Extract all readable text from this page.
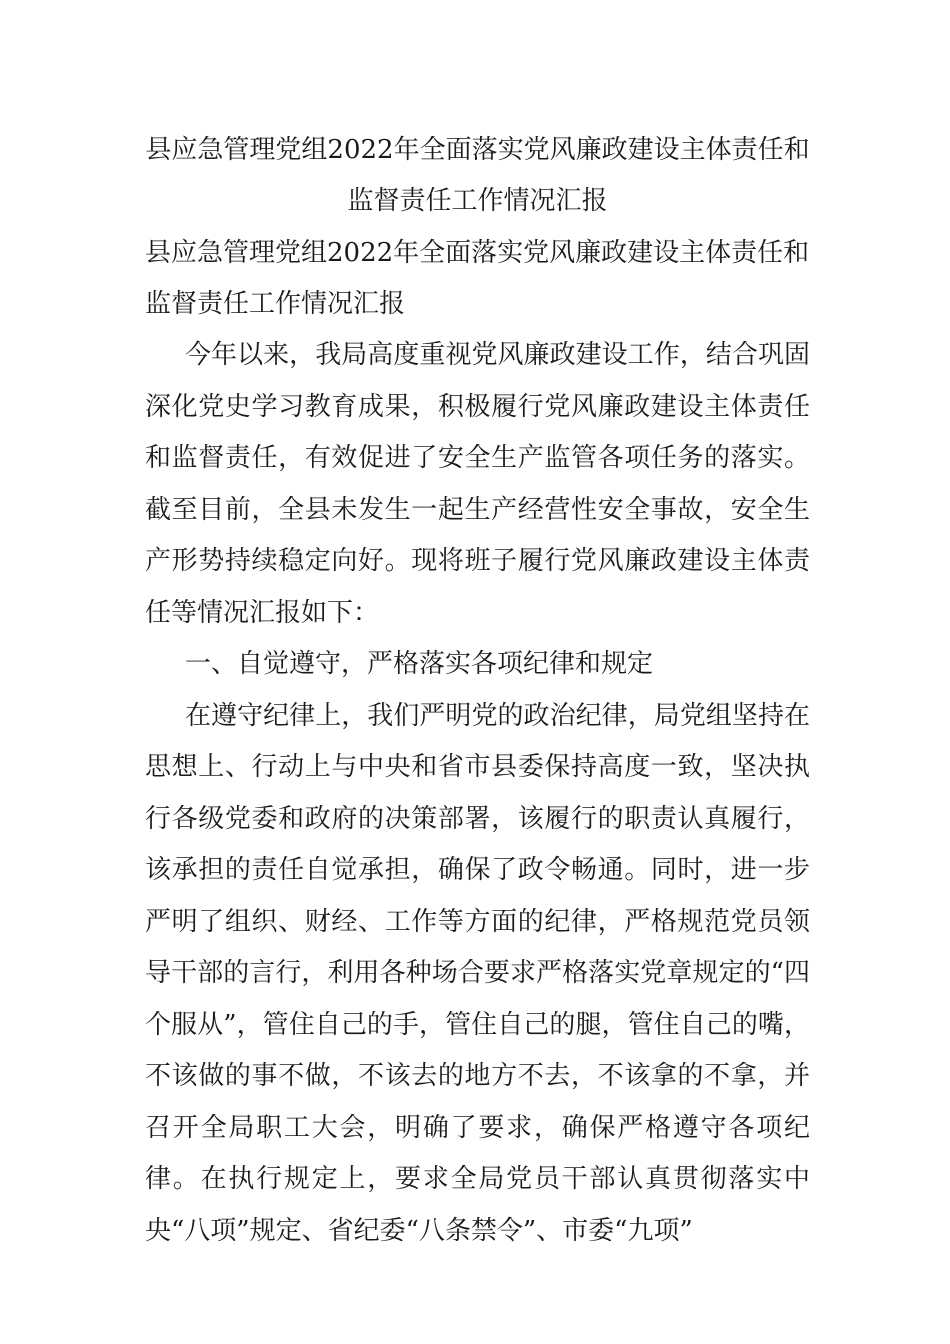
县应急管理党组2022年全面落实党风廉政建设主体责任和
监督责任工作情况汇报
县应急管理党组2022年全面落实党风廉政建设主体责任和
监督责任工作情况汇报

今年以来，我局高度重视党风廉政建设工作，结合巩固深化党史学习教育成果，积极履行党风廉政建设主体责任和监督责任，有效促进了安全生产监管各项任务的落实。截至目前，全县未发生一起生产经营性安全事故，安全生产形势持续稳定向好。现将班子履行党风廉政建设主体责任等情况汇报如下：

一、自觉遵守，严格落实各项纪律和规定

在遵守纪律上，我们严明党的政治纪律，局党组坚持在思想上、行动上与中央和省市县委保持高度一致，坚决执行各级党委和政府的决策部署，该履行的职责认真履行，该承担的责任自觉承担，确保了政令畅通。同时，进一步严明了组织、财经、工作等方面的纪律，严格规范党员领导干部的言行，利用各种场合要求严格落实党章规定的“四个服从”，管住自己的手，管住自己的腿，管住自己的嘴，不该做的事不做，不该去的地方不去，不该拿的不拿，并召开全局职工大会，明确了要求，确保严格遵守各项纪律。在执行规定上，要求全局党员干部认真贯彻落实中央“八项”规定、省纪委“八条禁令”、市委“九项”
